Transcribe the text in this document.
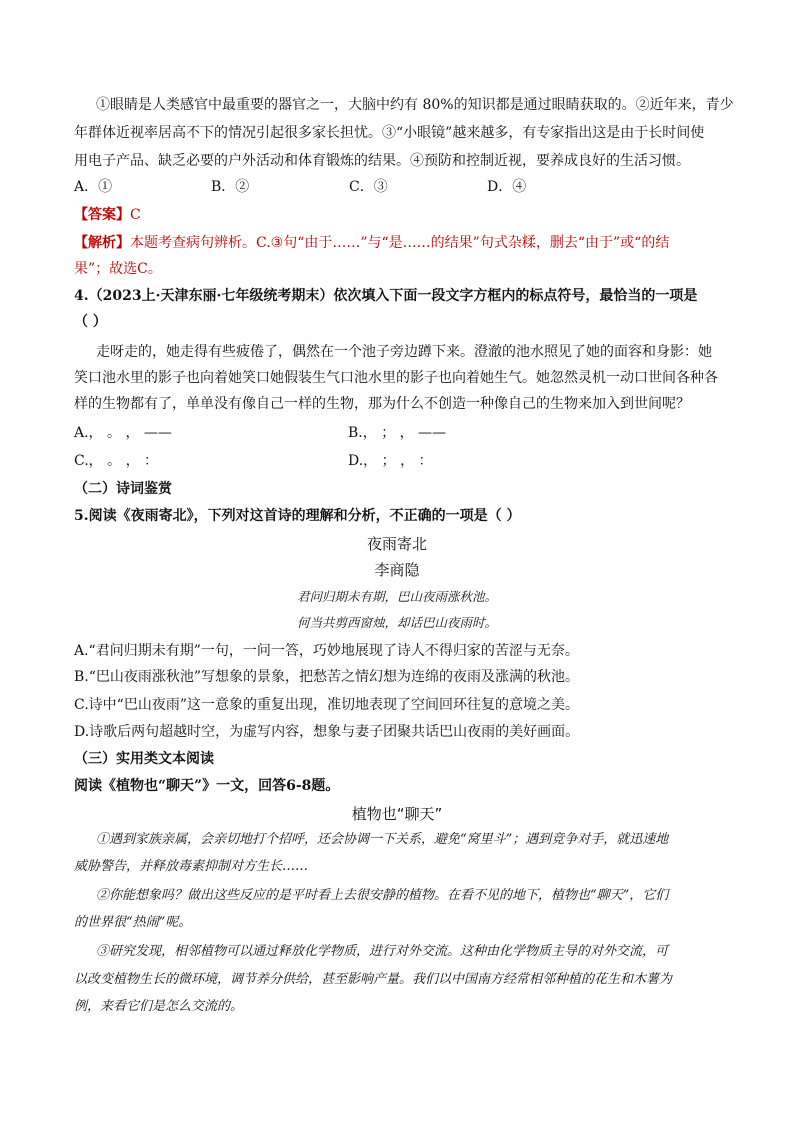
①眼睛是人类感官中最重要的器官之一，大脑中约有 80%的知识都是通过眼睛获取的。②近年来，青少
年群体近视率居高不下的情况引起很多家长担忧。③“小眼镜”越来越多，有专家指出这是由于长时间使
用电子产品、缺乏必要的户外活动和体育锻炼的结果。④预防和控制近视，要养成良好的生活习惯。
A．①	B．②	C．③	D．④
【答案】C
【解析】本题考查病句辨析。C.③句“由于……”与“是……的结果”句式杂糅，删去“由于”或“的结
果”；故选C。
4.（2023上·天津东丽·七年级统考期末）依次填入下面一段文字方框内的标点符号，最恰当的一项是
（ ）
走呀走的，她走得有些疲倦了，偶然在一个池子旁边蹲下来。澄澈的池水照见了她的面容和身影：她
笑口池水里的影子也向着她笑口她假装生气口池水里的影子也向着她生气。她忽然灵机一动口世间各种各
样的生物都有了，单单没有像自己一样的生物，那为什么不创造一种像自己的生物来加入到世间呢？
A.， 。 ， ——	B.， ； ， ——
C.， 。 ， ：	D.， ； ， ：
（二）诗词鉴赏
5.阅读《夜雨寄北》，下列对这首诗的理解和分析，不正确的一项是（ ）
夜雨寄北
李商隐
君问归期未有期，巴山夜雨涨秋池。
何当共剪西窗烛，却话巴山夜雨时。
A.“君问归期未有期”一句，一问一答，巧妙地展现了诗人不得归家的苦涩与无奈。
B.“巴山夜雨涨秋池”写想象的景象，把愁苦之情幻想为连绵的夜雨及涨满的秋池。
C.诗中“巴山夜雨”这一意象的重复出现，准切地表现了空间回环往复的意境之美。
D.诗歌后两句超越时空，为虚写内容，想象与妻子团聚共话巴山夜雨的美好画面。
（三）实用类文本阅读
阅读《植物也“聊天”》一文，回答6-8题。
植物也“聊天”
①遇到家族亲属，会亲切地打个招呼，还会协调一下关系，避免“窝里斗”；遇到竞争对手，就迅速地
威胁警告，并释放毒素抑制对方生长……
②你能想象吗？做出这些反应的是平时看上去很安静的植物。在看不见的地下，植物也“聊天”，它们
的世界很“热闹”呢。
③研究发现，相邻植物可以通过释放化学物质，进行对外交流。这种由化学物质主导的对外交流，可
以改变植物生长的微环境，调节养分供给，甚至影响产量。我们以中国南方经常相邻种植的花生和木薯为
例，来看它们是怎么交流的。
